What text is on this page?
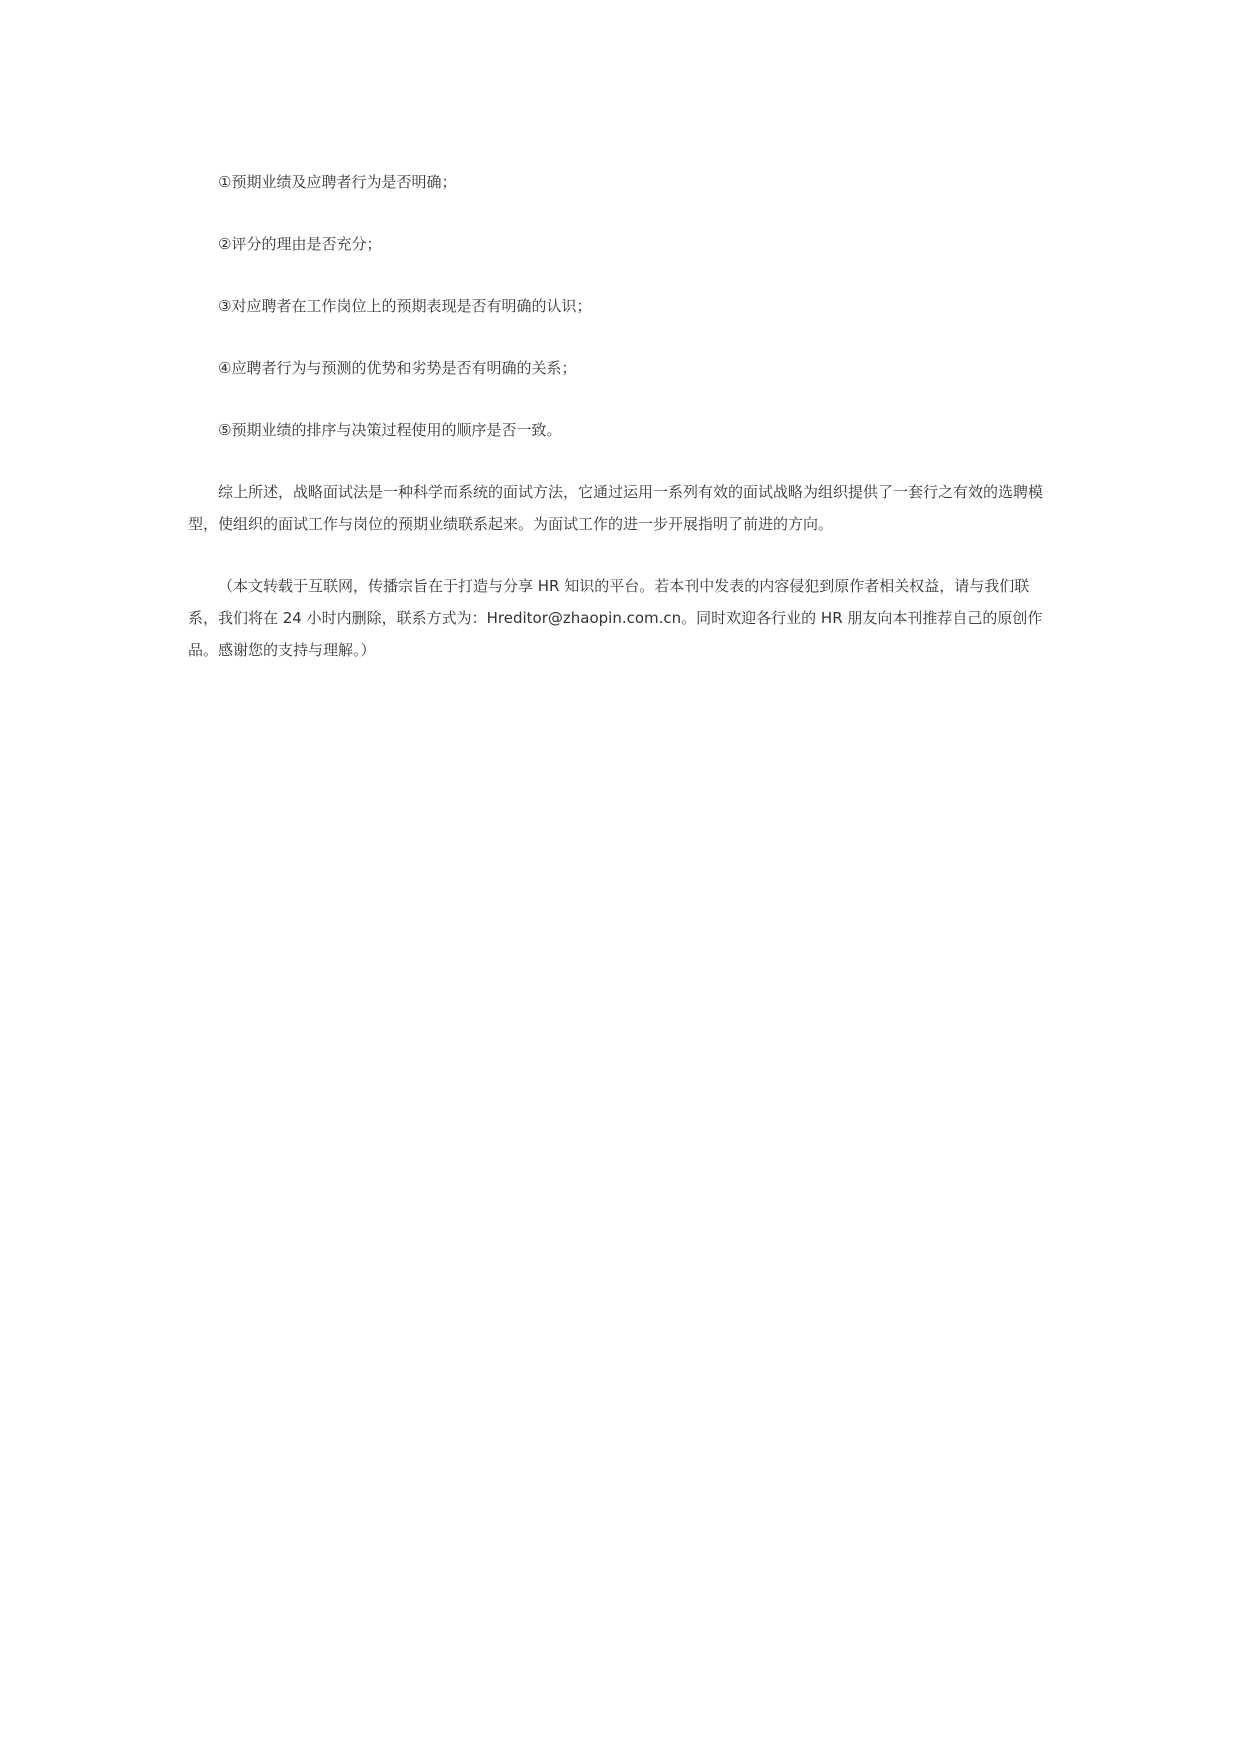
①预期业绩及应聘者行为是否明确；

②评分的理由是否充分；

③对应聘者在工作岗位上的预期表现是否有明确的认识；

④应聘者行为与预测的优势和劣势是否有明确的关系；

⑤预期业绩的排序与决策过程使用的顺序是否一致。

综上所述，战略面试法是一种科学而系统的面试方法，它通过运用一系列有效的面试战略为组织提供了一套行之有效的选聘模型，使组织的面试工作与岗位的预期业绩联系起来。为面试工作的进一步开展指明了前进的方向。

（本文转载于互联网，传播宗旨在于打造与分享 HR 知识的平台。若本刊中发表的内容侵犯到原作者相关权益，请与我们联系，我们将在 24 小时内删除，联系方式为：Hreditor@zhaopin.com.cn。同时欢迎各行业的 HR 朋友向本刊推荐自己的原创作品。感谢您的支持与理解。）
